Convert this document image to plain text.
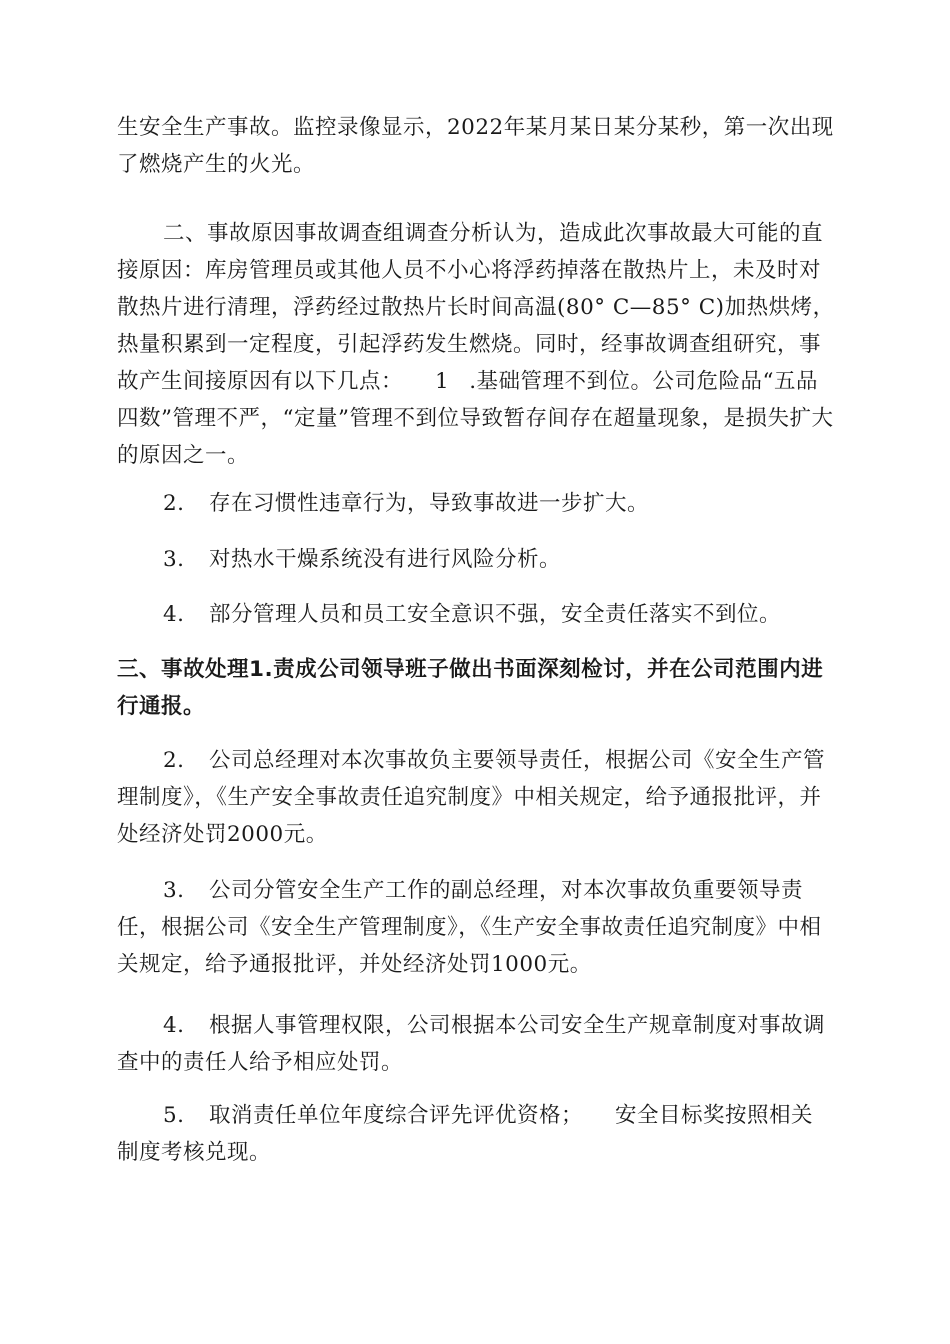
生安全生产事故。监控录像显示，2022年某月某日某分某秒，第一次出现
了燃烧产生的火光。

二、事故原因事故调查组调查分析认为，造成此次事故最大可能的直接原因：库房管理员或其他人员不小心将浮药掉落在散热片上，未及时对散热片进行清理，浮药经过散热片长时间高温(80° C—85° C)加热烘烤，热量积累到一定程度，引起浮药发生燃烧。同时，经事故调查组研究，事故产生间接原因有以下几点： 1 .基础管理不到位。公司危险品“五品四数”管理不严，“定量”管理不到位导致暂存间存在超量现象，是损失扩大的原因之一。

2. 存在习惯性违章行为，导致事故进一步扩大。

3. 对热水干燥系统没有进行风险分析。

4. 部分管理人员和员工安全意识不强，安全责任落实不到位。

三、事故处理1.责成公司领导班子做出书面深刻检讨，并在公司范围内进行通报。

2. 公司总经理对本次事故负主要领导责任，根据公司《安全生产管理制度》，《生产安全事故责任追究制度》中相关规定，给予通报批评，并处经济处罚2000元。

3. 公司分管安全生产工作的副总经理，对本次事故负重要领导责任，根据公司《安全生产管理制度》，《生产安全事故责任追究制度》中相关规定，给予通报批评，并处经济处罚1000元。

4. 根据人事管理权限，公司根据本公司安全生产规章制度对事故调查中的责任人给予相应处罚。

5. 取消责任单位年度综合评先评优资格； 安全目标奖按照相关制度考核兑现。
